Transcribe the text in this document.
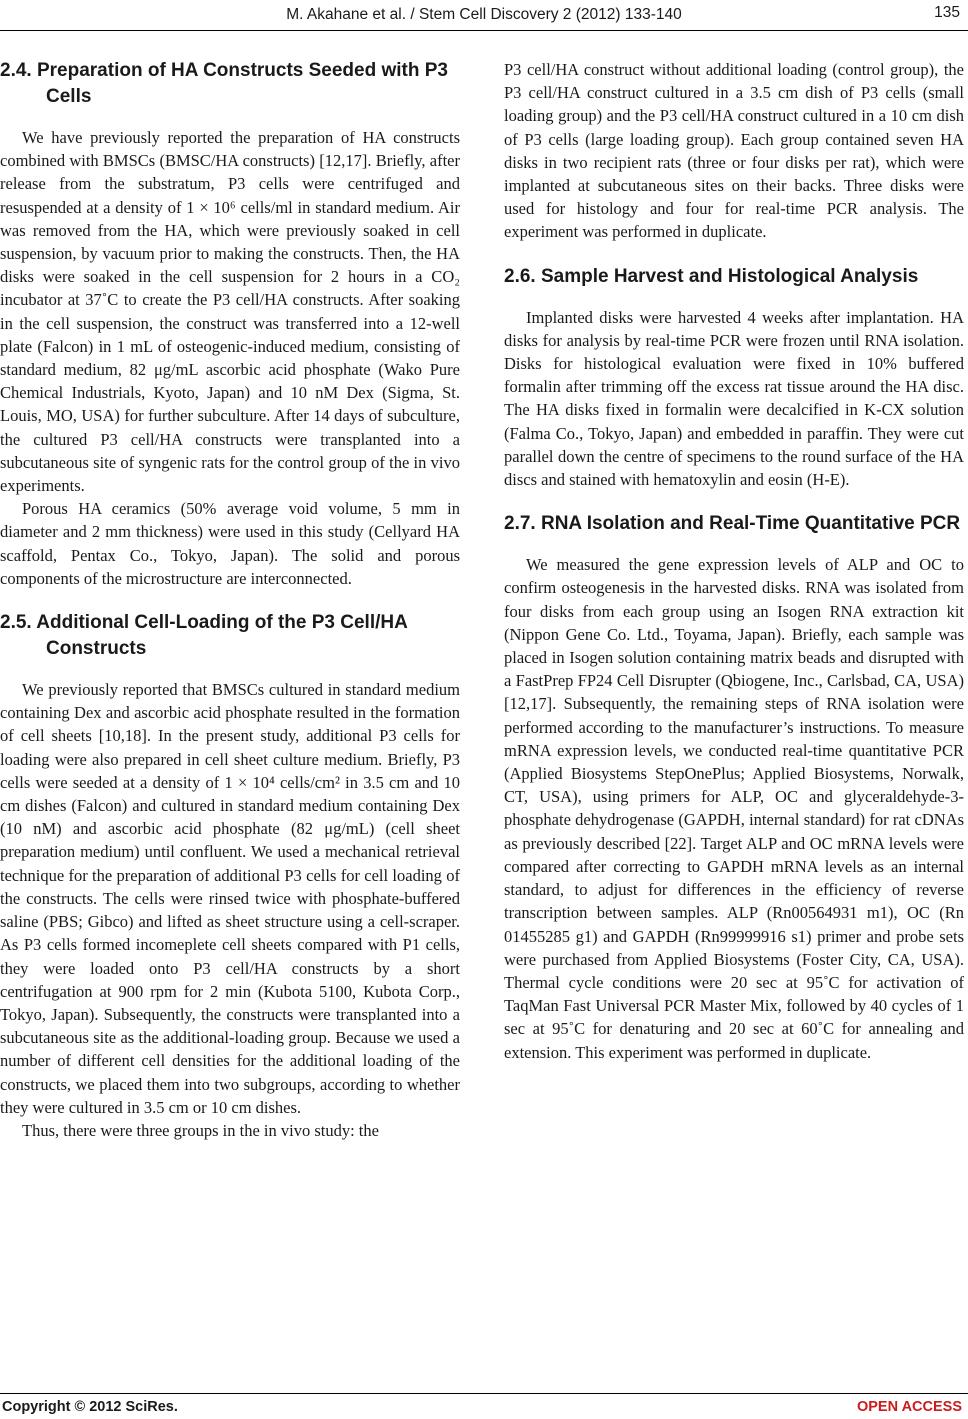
M. Akahane et al. / Stem Cell Discovery 2 (2012) 133-140	135
2.4. Preparation of HA Constructs Seeded with P3 Cells

We have previously reported the preparation of HA constructs combined with BMSCs (BMSC/HA constructs) [12,17]. Briefly, after release from the substratum, P3 cells were centrifuged and resuspended at a density of 1 × 10⁶ cells/ml in standard medium. Air was removed from the HA, which were previously soaked in cell suspension, by vacuum prior to making the constructs. Then, the HA disks were soaked in the cell suspension for 2 hours in a CO₂ incubator at 37˚C to create the P3 cell/HA constructs. After soaking in the cell suspension, the construct was transferred into a 12-well plate (Falcon) in 1 mL of osteogenic-induced medium, consisting of standard medium, 82 μg/mL ascorbic acid phosphate (Wako Pure Chemical Industrials, Kyoto, Japan) and 10 nM Dex (Sigma, St. Louis, MO, USA) for further subculture. After 14 days of subculture, the cultured P3 cell/HA constructs were transplanted into a subcutaneous site of syngenic rats for the control group of the in vivo experiments.

Porous HA ceramics (50% average void volume, 5 mm in diameter and 2 mm thickness) were used in this study (Cellyard HA scaffold, Pentax Co., Tokyo, Japan). The solid and porous components of the microstructure are interconnected.

2.5. Additional Cell-Loading of the P3 Cell/HA Constructs

We previously reported that BMSCs cultured in standard medium containing Dex and ascorbic acid phosphate resulted in the formation of cell sheets [10,18]. In the present study, additional P3 cells for loading were also prepared in cell sheet culture medium. Briefly, P3 cells were seeded at a density of 1 × 10⁴ cells/cm² in 3.5 cm and 10 cm dishes (Falcon) and cultured in standard medium containing Dex (10 nM) and ascorbic acid phosphate (82 μg/mL) (cell sheet preparation medium) until confluent. We used a mechanical retrieval technique for the preparation of additional P3 cells for cell loading of the constructs. The cells were rinsed twice with phosphate-buffered saline (PBS; Gibco) and lifted as sheet structure using a cell-scraper. As P3 cells formed incomeplete cell sheets compared with P1 cells, they were loaded onto P3 cell/HA constructs by a short centrifugation at 900 rpm for 2 min (Kubota 5100, Kubota Corp., Tokyo, Japan). Subsequently, the constructs were transplanted into a subcutaneous site as the additional-loading group. Because we used a number of different cell densities for the additional loading of the constructs, we placed them into two subgroups, according to whether they were cultured in 3.5 cm or 10 cm dishes.

Thus, there were three groups in the in vivo study: the

P3 cell/HA construct without additional loading (control group), the P3 cell/HA construct cultured in a 3.5 cm dish of P3 cells (small loading group) and the P3 cell/HA construct cultured in a 10 cm dish of P3 cells (large loading group). Each group contained seven HA disks in two recipient rats (three or four disks per rat), which were implanted at subcutaneous sites on their backs. Three disks were used for histology and four for real-time PCR analysis. The experiment was performed in duplicate.

2.6. Sample Harvest and Histological Analysis

Implanted disks were harvested 4 weeks after implantation. HA disks for analysis by real-time PCR were frozen until RNA isolation. Disks for histological evaluation were fixed in 10% buffered formalin after trimming off the excess rat tissue around the HA disc. The HA disks fixed in formalin were decalcified in K-CX solution (Falma Co., Tokyo, Japan) and embedded in paraffin. They were cut parallel down the centre of specimens to the round surface of the HA discs and stained with hematoxylin and eosin (H-E).

2.7. RNA Isolation and Real-Time Quantitative PCR

We measured the gene expression levels of ALP and OC to confirm osteogenesis in the harvested disks. RNA was isolated from four disks from each group using an Isogen RNA extraction kit (Nippon Gene Co. Ltd., Toyama, Japan). Briefly, each sample was placed in Isogen solution containing matrix beads and disrupted with a FastPrep FP24 Cell Disrupter (Qbiogene, Inc., Carlsbad, CA, USA) [12,17]. Subsequently, the remaining steps of RNA isolation were performed according to the manufacturer’s instructions. To measure mRNA expression levels, we conducted real-time quantitative PCR (Applied Biosystems StepOnePlus; Applied Biosystems, Norwalk, CT, USA), using primers for ALP, OC and glyceraldehyde-3-phosphate dehydrogenase (GAPDH, internal standard) for rat cDNAs as previously described [22]. Target ALP and OC mRNA levels were compared after correcting to GAPDH mRNA levels as an internal standard, to adjust for differences in the efficiency of reverse transcription between samples. ALP (Rn00564931 m1), OC (Rn 01455285 g1) and GAPDH (Rn99999916 s1) primer and probe sets were purchased from Applied Biosystems (Foster City, CA, USA). Thermal cycle conditions were 20 sec at 95˚C for activation of TaqMan Fast Universal PCR Master Mix, followed by 40 cycles of 1 sec at 95˚C for denaturing and 20 sec at 60˚C for annealing and extension. This experiment was performed in duplicate.

Copyright © 2012 SciRes.	OPEN ACCESS
